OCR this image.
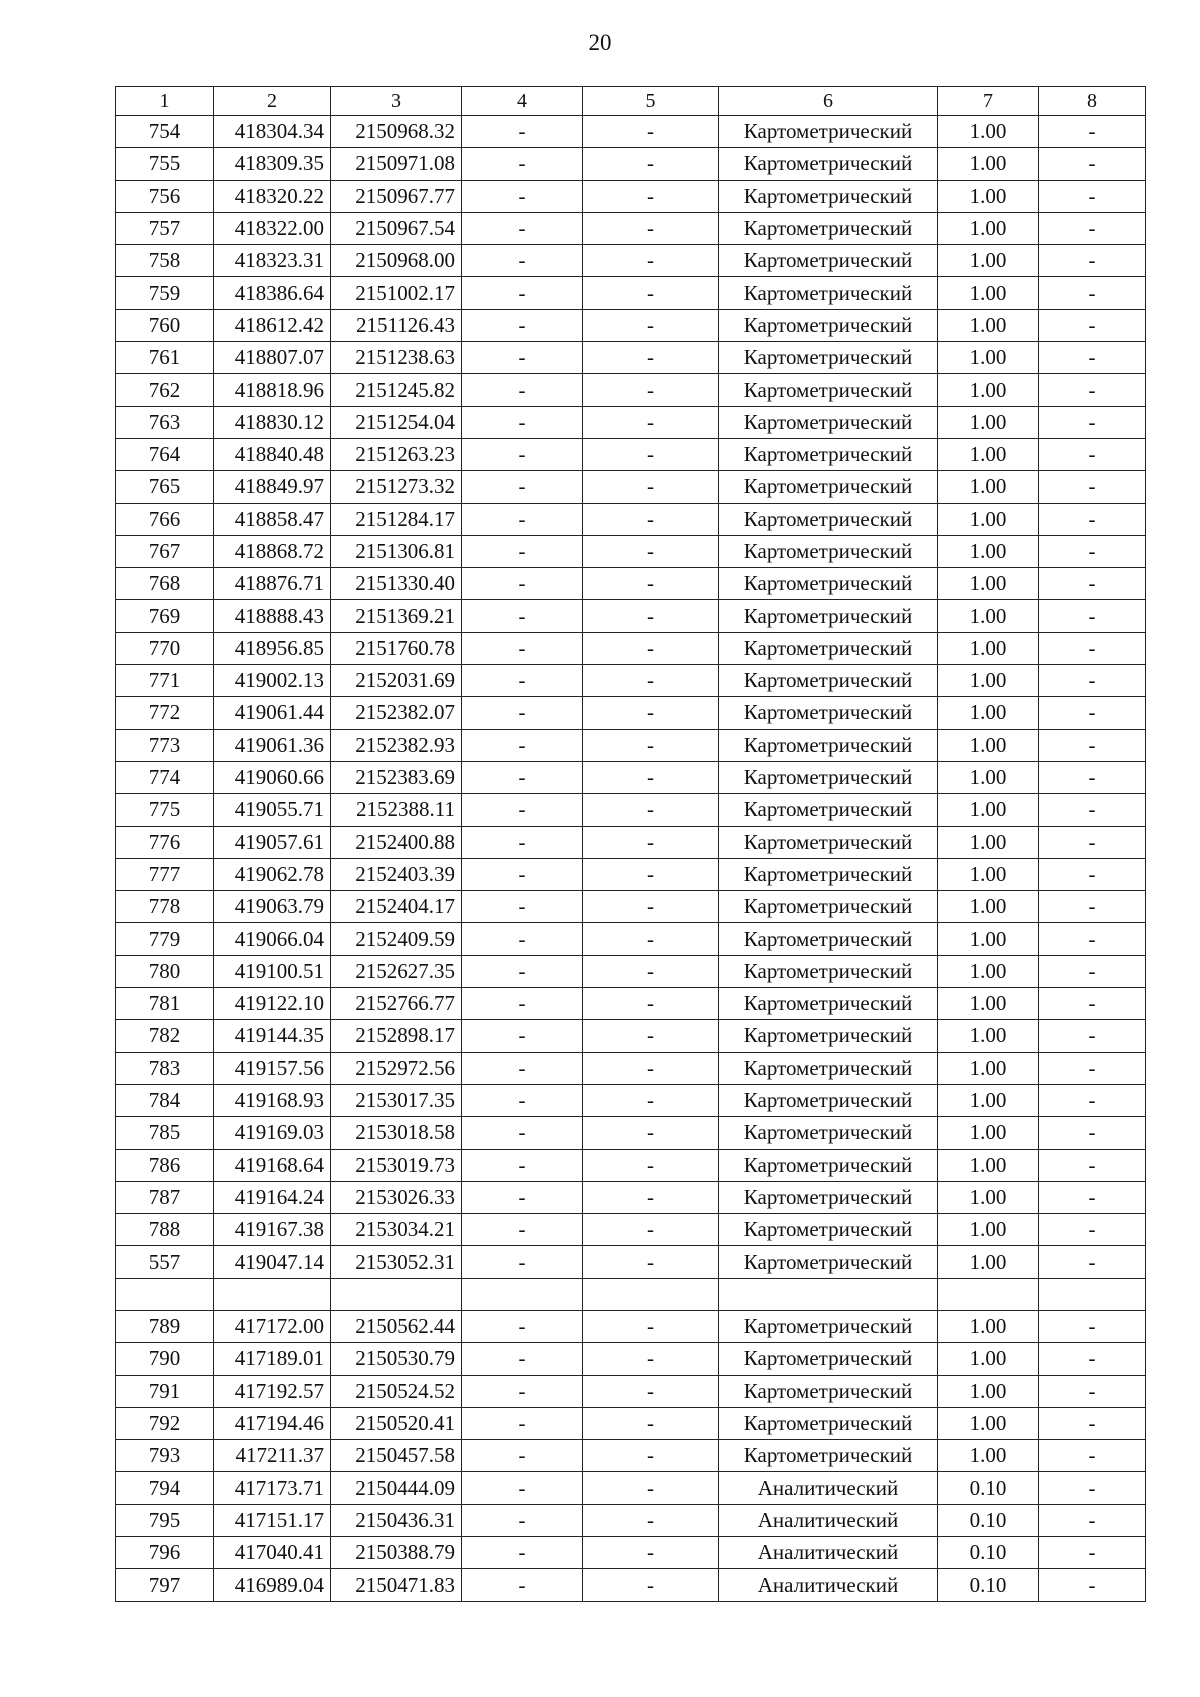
20
1	2	3	4	5	6	7	8
754	418304.34	2150968.32	-	-	Картометрический	1.00	-
755	418309.35	2150971.08	-	-	Картометрический	1.00	-
756	418320.22	2150967.77	-	-	Картометрический	1.00	-
757	418322.00	2150967.54	-	-	Картометрический	1.00	-
758	418323.31	2150968.00	-	-	Картометрический	1.00	-
759	418386.64	2151002.17	-	-	Картометрический	1.00	-
760	418612.42	2151126.43	-	-	Картометрический	1.00	-
761	418807.07	2151238.63	-	-	Картометрический	1.00	-
762	418818.96	2151245.82	-	-	Картометрический	1.00	-
763	418830.12	2151254.04	-	-	Картометрический	1.00	-
764	418840.48	2151263.23	-	-	Картометрический	1.00	-
765	418849.97	2151273.32	-	-	Картометрический	1.00	-
766	418858.47	2151284.17	-	-	Картометрический	1.00	-
767	418868.72	2151306.81	-	-	Картометрический	1.00	-
768	418876.71	2151330.40	-	-	Картометрический	1.00	-
769	418888.43	2151369.21	-	-	Картометрический	1.00	-
770	418956.85	2151760.78	-	-	Картометрический	1.00	-
771	419002.13	2152031.69	-	-	Картометрический	1.00	-
772	419061.44	2152382.07	-	-	Картометрический	1.00	-
773	419061.36	2152382.93	-	-	Картометрический	1.00	-
774	419060.66	2152383.69	-	-	Картометрический	1.00	-
775	419055.71	2152388.11	-	-	Картометрический	1.00	-
776	419057.61	2152400.88	-	-	Картометрический	1.00	-
777	419062.78	2152403.39	-	-	Картометрический	1.00	-
778	419063.79	2152404.17	-	-	Картометрический	1.00	-
779	419066.04	2152409.59	-	-	Картометрический	1.00	-
780	419100.51	2152627.35	-	-	Картометрический	1.00	-
781	419122.10	2152766.77	-	-	Картометрический	1.00	-
782	419144.35	2152898.17	-	-	Картометрический	1.00	-
783	419157.56	2152972.56	-	-	Картометрический	1.00	-
784	419168.93	2153017.35	-	-	Картометрический	1.00	-
785	419169.03	2153018.58	-	-	Картометрический	1.00	-
786	419168.64	2153019.73	-	-	Картометрический	1.00	-
787	419164.24	2153026.33	-	-	Картометрический	1.00	-
788	419167.38	2153034.21	-	-	Картометрический	1.00	-
557	419047.14	2153052.31	-	-	Картометрический	1.00	-

789	417172.00	2150562.44	-	-	Картометрический	1.00	-
790	417189.01	2150530.79	-	-	Картометрический	1.00	-
791	417192.57	2150524.52	-	-	Картометрический	1.00	-
792	417194.46	2150520.41	-	-	Картометрический	1.00	-
793	417211.37	2150457.58	-	-	Картометрический	1.00	-
794	417173.71	2150444.09	-	-	Аналитический	0.10	-
795	417151.17	2150436.31	-	-	Аналитический	0.10	-
796	417040.41	2150388.79	-	-	Аналитический	0.10	-
797	416989.04	2150471.83	-	-	Аналитический	0.10	-
